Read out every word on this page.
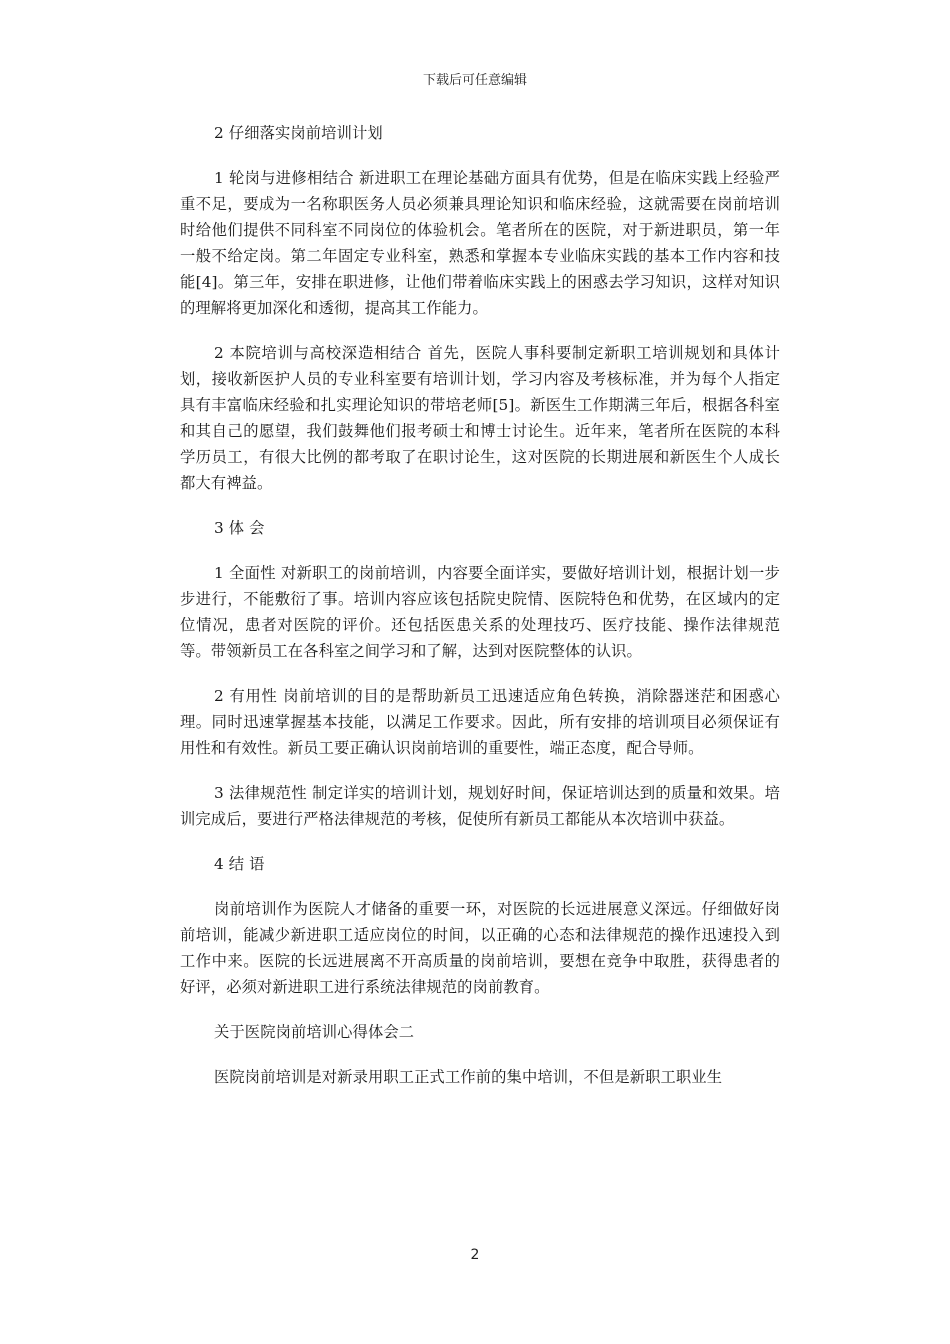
下载后可任意编辑

2 仔细落实岗前培训计划

1 轮岗与进修相结合 新进职工在理论基础方面具有优势，但是在临床实践上经验严重不足，要成为一名称职医务人员必须兼具理论知识和临床经验，这就需要在岗前培训时给他们提供不同科室不同岗位的体验机会。笔者所在的医院，对于新进职员，第一年一般不给定岗。第二年固定专业科室，熟悉和掌握本专业临床实践的基本工作内容和技能[4]。第三年，安排在职进修，让他们带着临床实践上的困惑去学习知识，这样对知识的理解将更加深化和透彻，提高其工作能力。

2 本院培训与高校深造相结合 首先，医院人事科要制定新职工培训规划和具体计划，接收新医护人员的专业科室要有培训计划，学习内容及考核标准，并为每个人指定具有丰富临床经验和扎实理论知识的带培老师[5]。新医生工作期满三年后，根据各科室和其自己的愿望，我们鼓舞他们报考硕士和博士讨论生。近年来，笔者所在医院的本科学历员工，有很大比例的都考取了在职讨论生，这对医院的长期进展和新医生个人成长都大有裨益。

3 体 会

1 全面性 对新职工的岗前培训，内容要全面详实，要做好培训计划，根据计划一步步进行，不能敷衍了事。培训内容应该包括院史院情、医院特色和优势，在区域内的定位情况，患者对医院的评价。还包括医患关系的处理技巧、医疗技能、操作法律规范等。带领新员工在各科室之间学习和了解，达到对医院整体的认识。

2 有用性 岗前培训的目的是帮助新员工迅速适应角色转换，消除器迷茫和困惑心理。同时迅速掌握基本技能，以满足工作要求。因此，所有安排的培训项目必须保证有用性和有效性。新员工要正确认识岗前培训的重要性，端正态度，配合导师。

3 法律规范性 制定详实的培训计划，规划好时间，保证培训达到的质量和效果。培训完成后，要进行严格法律规范的考核，促使所有新员工都能从本次培训中获益。

4 结 语

岗前培训作为医院人才储备的重要一环，对医院的长远进展意义深远。仔细做好岗前培训，能减少新进职工适应岗位的时间，以正确的心态和法律规范的操作迅速投入到工作中来。医院的长远进展离不开高质量的岗前培训，要想在竞争中取胜，获得患者的好评，必须对新进职工进行系统法律规范的岗前教育。

关于医院岗前培训心得体会二

医院岗前培训是对新录用职工正式工作前的集中培训，不但是新职工职业生

2
